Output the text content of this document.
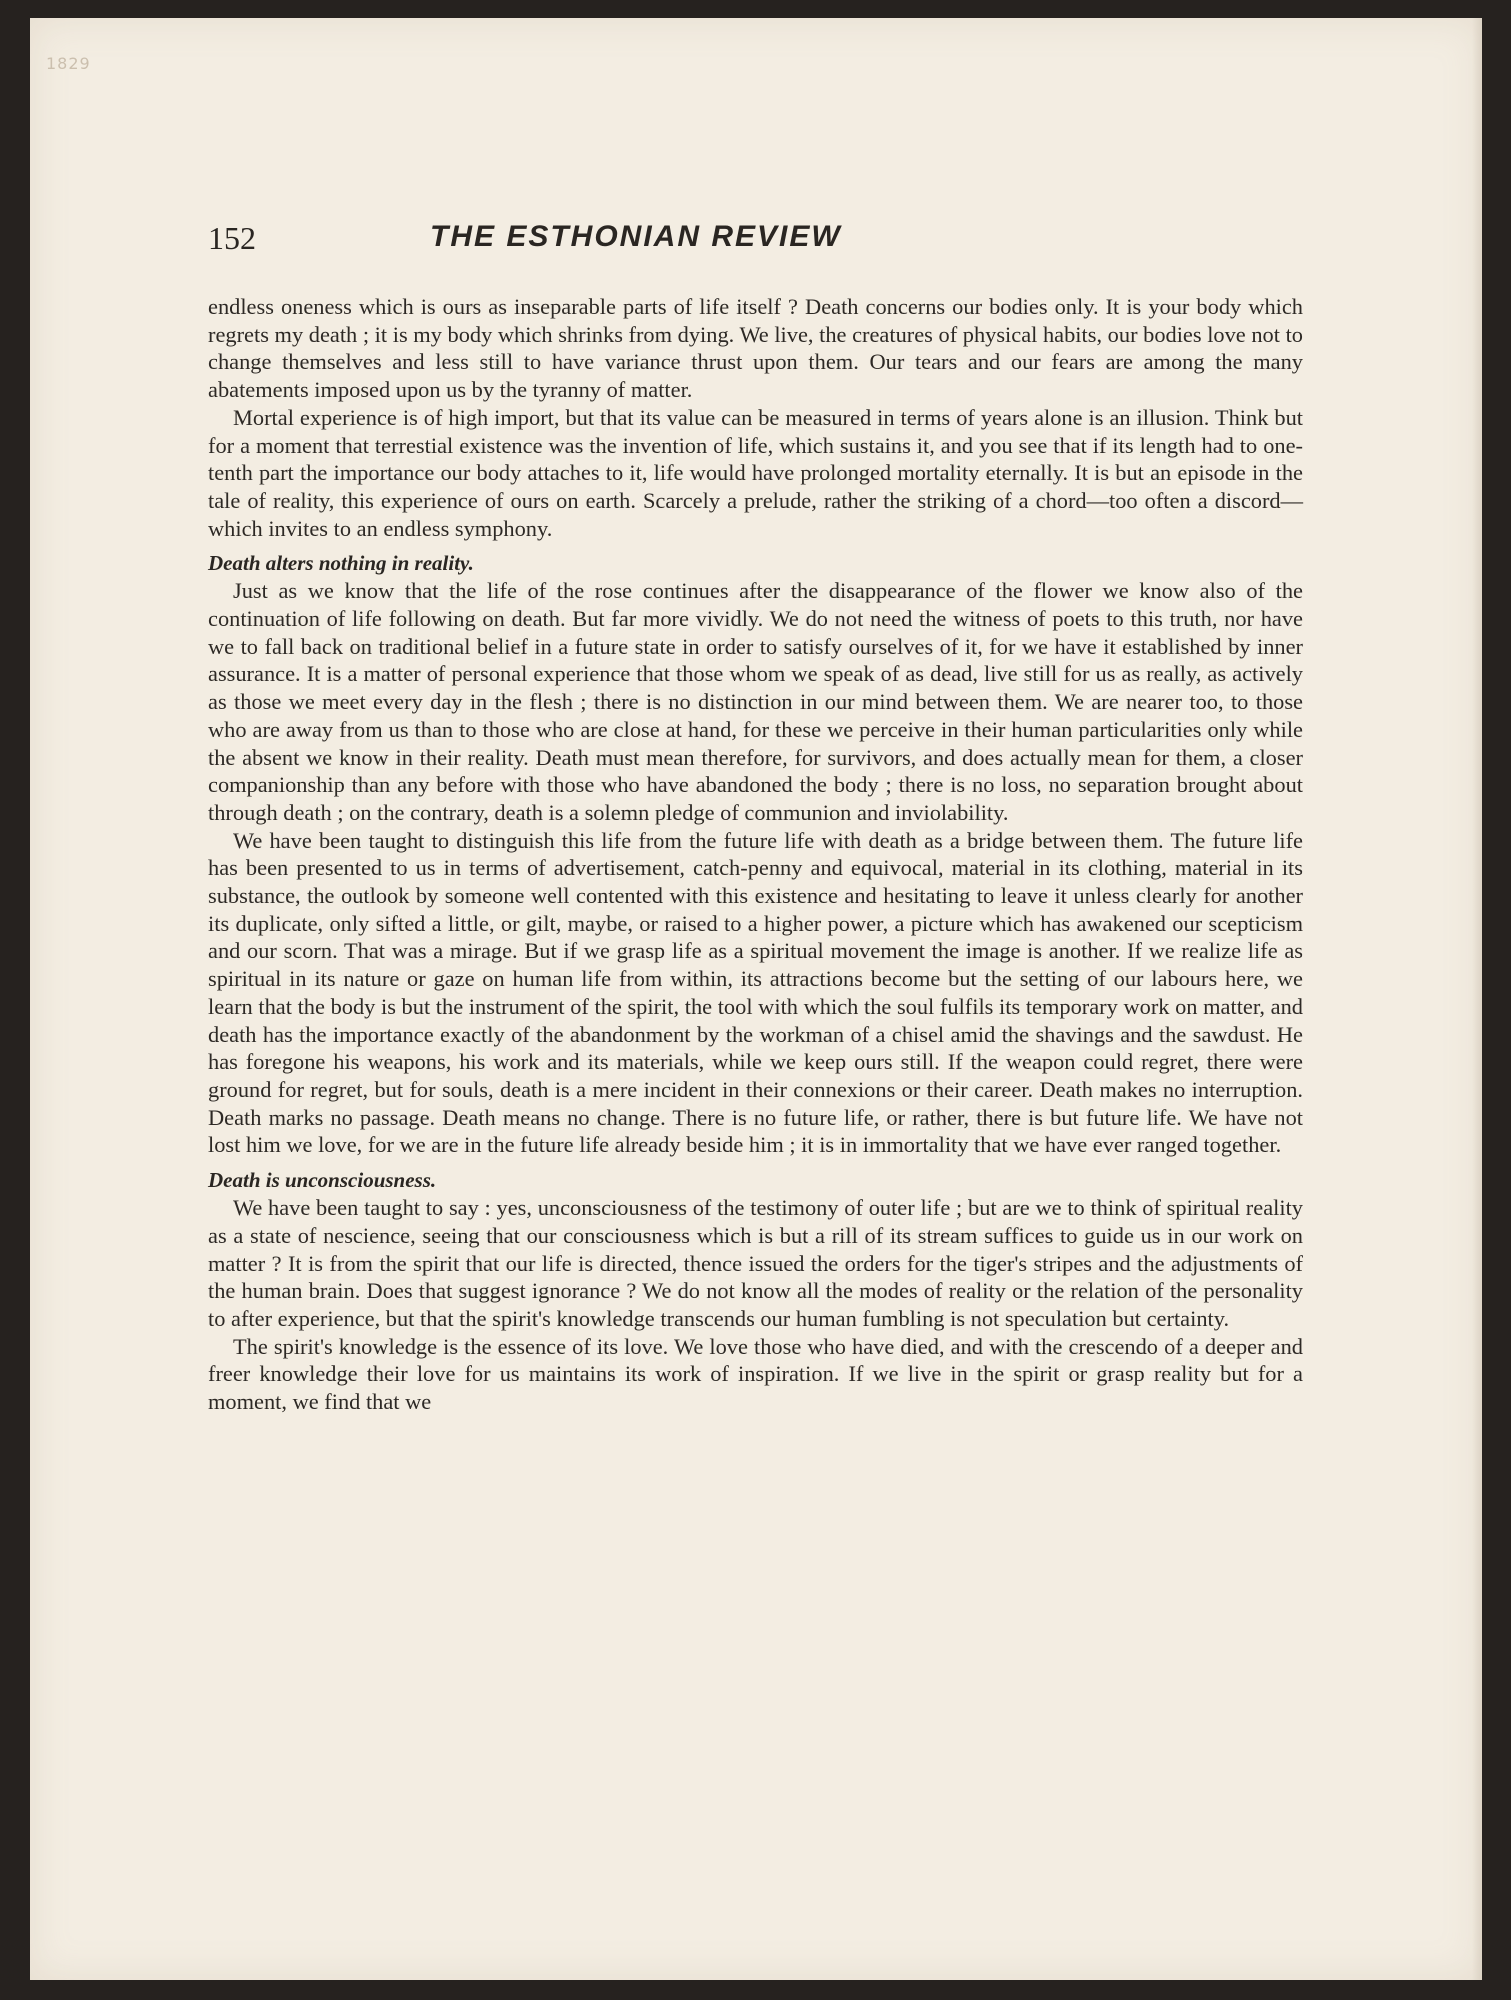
1829
152	THE ESTHONIAN REVIEW

endless oneness which is ours as inseparable parts of life itself ? Death concerns our bodies only. It is your body which regrets my death ; it is my body which shrinks from dying. We live, the creatures of physical habits, our bodies love not to change themselves and less still to have variance thrust upon them. Our tears and our fears are among the many abatements imposed upon us by the tyranny of matter.

Mortal experience is of high import, but that its value can be measured in terms of years alone is an illusion. Think but for a moment that terrestial existence was the invention of life, which sustains it, and you see that if its length had to one-tenth part the importance our body attaches to it, life would have prolonged mortality eternally. It is but an episode in the tale of reality, this experience of ours on earth. Scarcely a prelude, rather the striking of a chord—too often a discord—which invites to an endless symphony.

Death alters nothing in reality.

Just as we know that the life of the rose continues after the disappearance of the flower we know also of the continuation of life following on death. But far more vividly. We do not need the witness of poets to this truth, nor have we to fall back on traditional belief in a future state in order to satisfy ourselves of it, for we have it established by inner assurance. It is a matter of personal experience that those whom we speak of as dead, live still for us as really, as actively as those we meet every day in the flesh ; there is no distinction in our mind between them. We are nearer too, to those who are away from us than to those who are close at hand, for these we perceive in their human particularities only while the absent we know in their reality. Death must mean therefore, for survivors, and does actually mean for them, a closer companionship than any before with those who have abandoned the body ; there is no loss, no separation brought about through death ; on the contrary, death is a solemn pledge of communion and inviolability.

We have been taught to distinguish this life from the future life with death as a bridge between them. The future life has been presented to us in terms of advertisement, catch-penny and equivocal, material in its clothing, material in its substance, the outlook by someone well contented with this existence and hesitating to leave it unless clearly for another its duplicate, only sifted a little, or gilt, maybe, or raised to a higher power, a picture which has awakened our scepticism and our scorn. That was a mirage. But if we grasp life as a spiritual movement the image is another. If we realize life as spiritual in its nature or gaze on human life from within, its attractions become but the setting of our labours here, we learn that the body is but the instrument of the spirit, the tool with which the soul fulfils its temporary work on matter, and death has the importance exactly of the abandonment by the workman of a chisel amid the shavings and the sawdust. He has foregone his weapons, his work and its materials, while we keep ours still. If the weapon could regret, there were ground for regret, but for souls, death is a mere incident in their connexions or their career. Death makes no interruption. Death marks no passage. Death means no change. There is no future life, or rather, there is but future life. We have not lost him we love, for we are in the future life already beside him ; it is in immortality that we have ever ranged together.

Death is unconsciousness.

We have been taught to say : yes, unconsciousness of the testimony of outer life ; but are we to think of spiritual reality as a state of nescience, seeing that our consciousness which is but a rill of its stream suffices to guide us in our work on matter ? It is from the spirit that our life is directed, thence issued the orders for the tiger's stripes and the adjustments of the human brain. Does that suggest ignorance ? We do not know all the modes of reality or the relation of the personality to after experience, but that the spirit's knowledge transcends our human fumbling is not speculation but certainty.

The spirit's knowledge is the essence of its love. We love those who have died, and with the crescendo of a deeper and freer knowledge their love for us maintains its work of inspiration. If we live in the spirit or grasp reality but for a moment, we find that we
